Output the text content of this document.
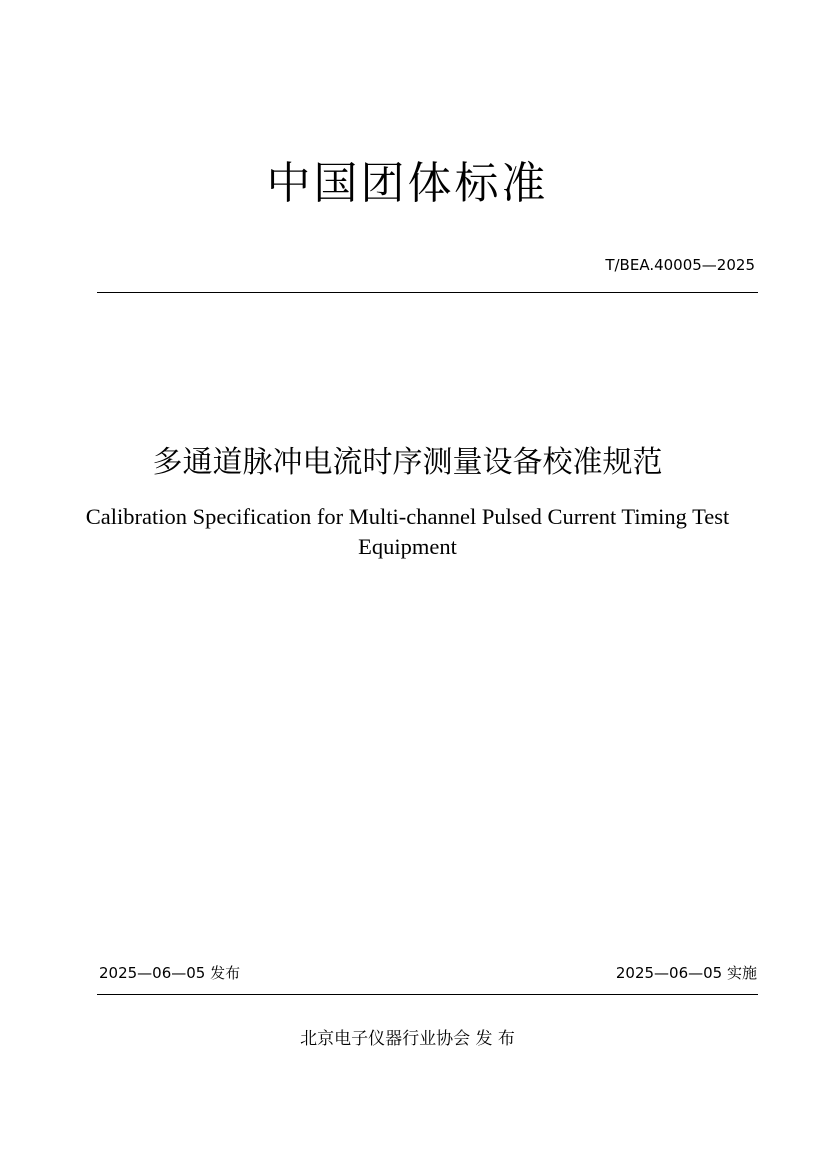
中国团体标准
T/BEA.40005—2025
多通道脉冲电流时序测量设备校准规范
Calibration Specification for Multi-channel Pulsed Current Timing Test Equipment
2025—06—05 发布	2025—06—05 实施
北京电子仪器行业协会 发 布
